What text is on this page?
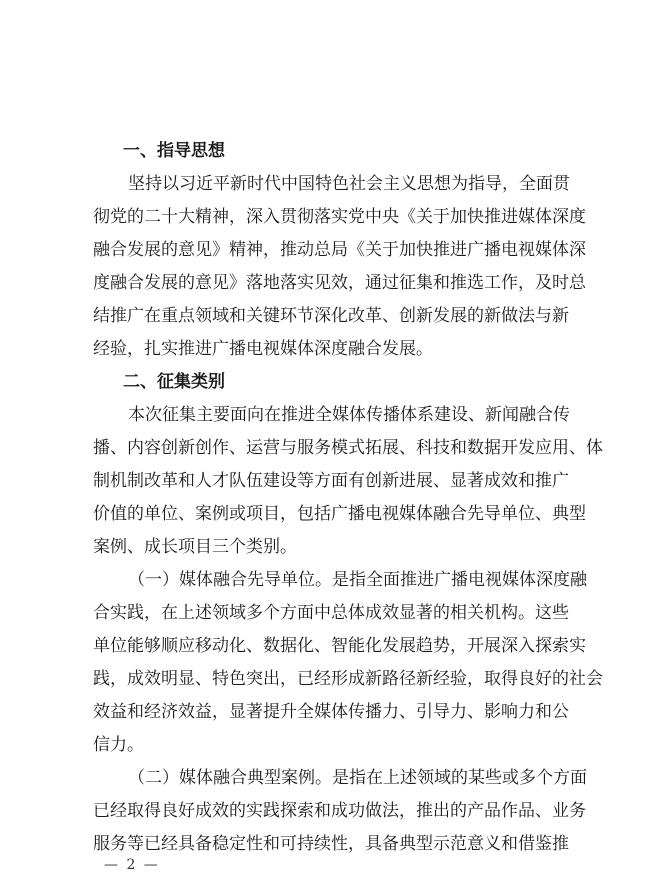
一、指导思想
坚持以习近平新时代中国特色社会主义思想为指导，全面贯
彻党的二十大精神，深入贯彻落实党中央《关于加快推进媒体深度
融合发展的意见》精神，推动总局《关于加快推进广播电视媒体深
度融合发展的意见》落地落实见效，通过征集和推选工作，及时总
结推广在重点领域和关键环节深化改革、创新发展的新做法与新
经验，扎实推进广播电视媒体深度融合发展。
二、征集类别
本次征集主要面向在推进全媒体传播体系建设、新闻融合传
播、内容创新创作、运营与服务模式拓展、科技和数据开发应用、体
制机制改革和人才队伍建设等方面有创新进展、显著成效和推广
价值的单位、案例或项目，包括广播电视媒体融合先导单位、典型
案例、成长项目三个类别。
（一）媒体融合先导单位。是指全面推进广播电视媒体深度融
合实践，在上述领域多个方面中总体成效显著的相关机构。这些
单位能够顺应移动化、数据化、智能化发展趋势，开展深入探索实
践，成效明显、特色突出，已经形成新路径新经验，取得良好的社会
效益和经济效益，显著提升全媒体传播力、引导力、影响力和公
信力。
（二）媒体融合典型案例。是指在上述领域的某些或多个方面
已经取得良好成效的实践探索和成功做法，推出的产品作品、业务
服务等已经具备稳定性和可持续性，具备典型示范意义和借鉴推
— 2 —
